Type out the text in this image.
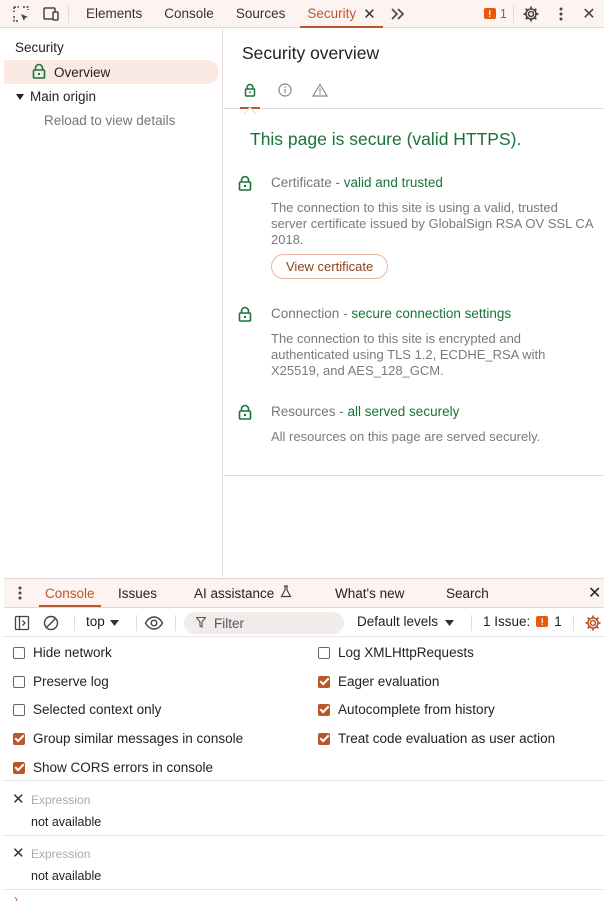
Elements Console Sources Security ✕	! 1	✕
Security
Overview
Main origin
Reload to view details
Security overview
This page is secure (valid HTTPS).
Certificate - valid and trusted
The connection to this site is using a valid, trusted server certificate issued by GlobalSign RSA OV SSL CA 2018.
View certificate
Connection - secure connection settings
The connection to this site is encrypted and authenticated using TLS 1.2, ECDHE_RSA with X25519, and AES_128_GCM.
Resources - all served securely
All resources on this page are served securely.
Console Issues	AI assistance	What's new	Search	✕
top	Filter	Default levels	1 Issue:	! 1
Hide network
Preserve log
Selected context only
Group similar messages in console
Show CORS errors in console
Log XMLHttpRequests
Eager evaluation
Autocomplete from history
Treat code evaluation as user action
✕ Expression
not available
✕ Expression
not available
›
